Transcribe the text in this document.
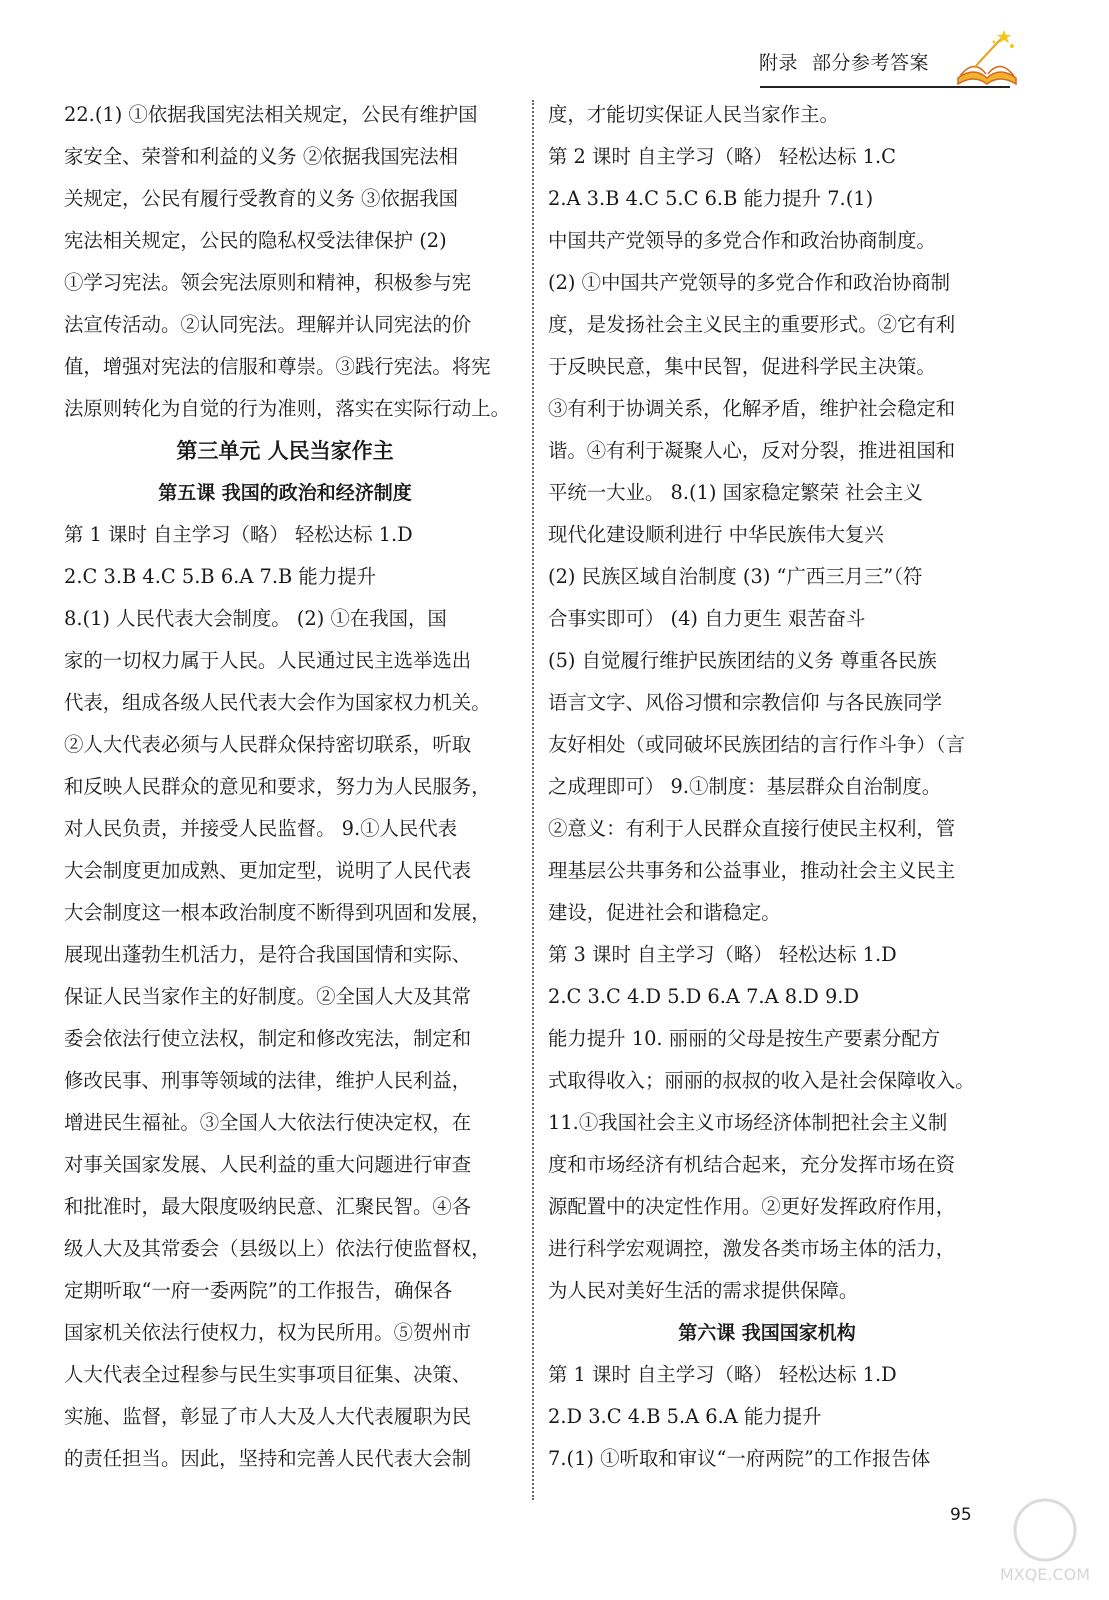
附录 部分参考答案
22.(1) ①依据我国宪法相关规定，公民有维护国
家安全、荣誉和利益的义务 ②依据我国宪法相
关规定，公民有履行受教育的义务 ③依据我国
宪法相关规定，公民的隐私权受法律保护 (2)
①学习宪法。领会宪法原则和精神，积极参与宪
法宣传活动。②认同宪法。理解并认同宪法的价
值，增强对宪法的信服和尊崇。③践行宪法。将宪
法原则转化为自觉的行为准则，落实在实际行动上。
第三单元 人民当家作主
第五课 我国的政治和经济制度
第 1 课时 自主学习（略） 轻松达标 1.D
2.C 3.B 4.C 5.B 6.A 7.B 能力提升
8.(1) 人民代表大会制度。 (2) ①在我国，国
家的一切权力属于人民。人民通过民主选举选出
代表，组成各级人民代表大会作为国家权力机关。
②人大代表必须与人民群众保持密切联系，听取
和反映人民群众的意见和要求，努力为人民服务，
对人民负责，并接受人民监督。 9.①人民代表
大会制度更加成熟、更加定型，说明了人民代表
大会制度这一根本政治制度不断得到巩固和发展，
展现出蓬勃生机活力，是符合我国国情和实际、
保证人民当家作主的好制度。②全国人大及其常
委会依法行使立法权，制定和修改宪法，制定和
修改民事、刑事等领域的法律，维护人民利益，
增进民生福祉。③全国人大依法行使决定权，在
对事关国家发展、人民利益的重大问题进行审查
和批准时，最大限度吸纳民意、汇聚民智。④各
级人大及其常委会（县级以上）依法行使监督权，
定期听取“一府一委两院”的工作报告，确保各
国家机关依法行使权力，权为民所用。⑤贺州市
人大代表全过程参与民生实事项目征集、决策、
实施、监督，彰显了市人大及人大代表履职为民
的责任担当。因此，坚持和完善人民代表大会制
度，才能切实保证人民当家作主。
第 2 课时 自主学习（略） 轻松达标 1.C
2.A 3.B 4.C 5.C 6.B 能力提升 7.(1)
中国共产党领导的多党合作和政治协商制度。
(2) ①中国共产党领导的多党合作和政治协商制
度，是发扬社会主义民主的重要形式。②它有利
于反映民意，集中民智，促进科学民主决策。
③有利于协调关系，化解矛盾，维护社会稳定和
谐。④有利于凝聚人心，反对分裂，推进祖国和
平统一大业。 8.(1) 国家稳定繁荣 社会主义
现代化建设顺利进行 中华民族伟大复兴
(2) 民族区域自治制度 (3) “广西三月三”（符
合事实即可） (4) 自力更生 艰苦奋斗
(5) 自觉履行维护民族团结的义务 尊重各民族
语言文字、风俗习惯和宗教信仰 与各民族同学
友好相处（或同破坏民族团结的言行作斗争）（言
之成理即可） 9.①制度：基层群众自治制度。
②意义：有利于人民群众直接行使民主权利，管
理基层公共事务和公益事业，推动社会主义民主
建设，促进社会和谐稳定。
第 3 课时 自主学习（略） 轻松达标 1.D
2.C 3.C 4.D 5.D 6.A 7.A 8.D 9.D
能力提升 10. 丽丽的父母是按生产要素分配方
式取得收入；丽丽的叔叔的收入是社会保障收入。
11.①我国社会主义市场经济体制把社会主义制
度和市场经济有机结合起来，充分发挥市场在资
源配置中的决定性作用。②更好发挥政府作用，
进行科学宏观调控，激发各类市场主体的活力，
为人民对美好生活的需求提供保障。
第六课 我国国家机构
第 1 课时 自主学习（略） 轻松达标 1.D
2.D 3.C 4.B 5.A 6.A 能力提升
7.(1) ①听取和审议“一府两院”的工作报告体
95
MXQE.COM
